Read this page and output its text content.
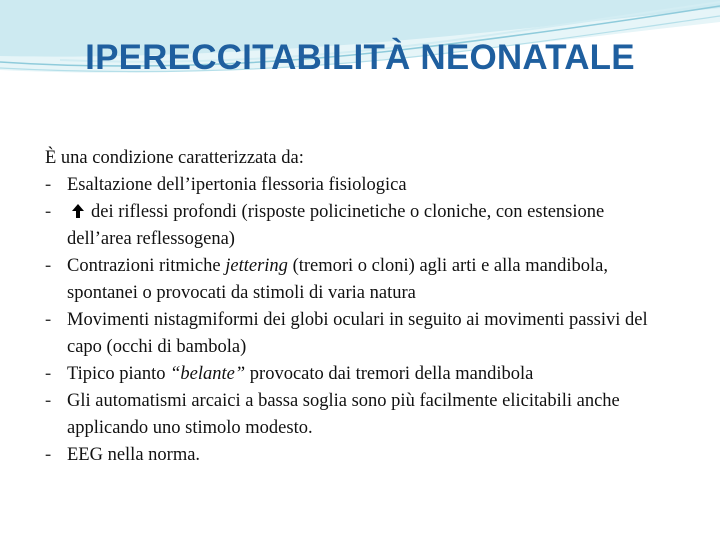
IPERECCITABILITÀ NEONATALE

È una condizione caratterizzata da:

- Esaltazione dell’ipertonia flessoria fisiologica
- dei riflessi profondi (risposte policinetiche o cloniche, con estensione dell’area reflessogena)
- Contrazioni ritmiche jettering (tremori o cloni) agli arti e alla mandibola, spontanei o provocati da stimoli di varia natura
- Movimenti nistagmiformi dei globi oculari in seguito ai movimenti passivi del capo (occhi di bambola)
- Tipico pianto “belante” provocato dai tremori della mandibola
- Gli automatismi arcaici a bassa soglia sono più facilmente elicitabili anche applicando uno stimolo modesto.
- EEG nella norma.
